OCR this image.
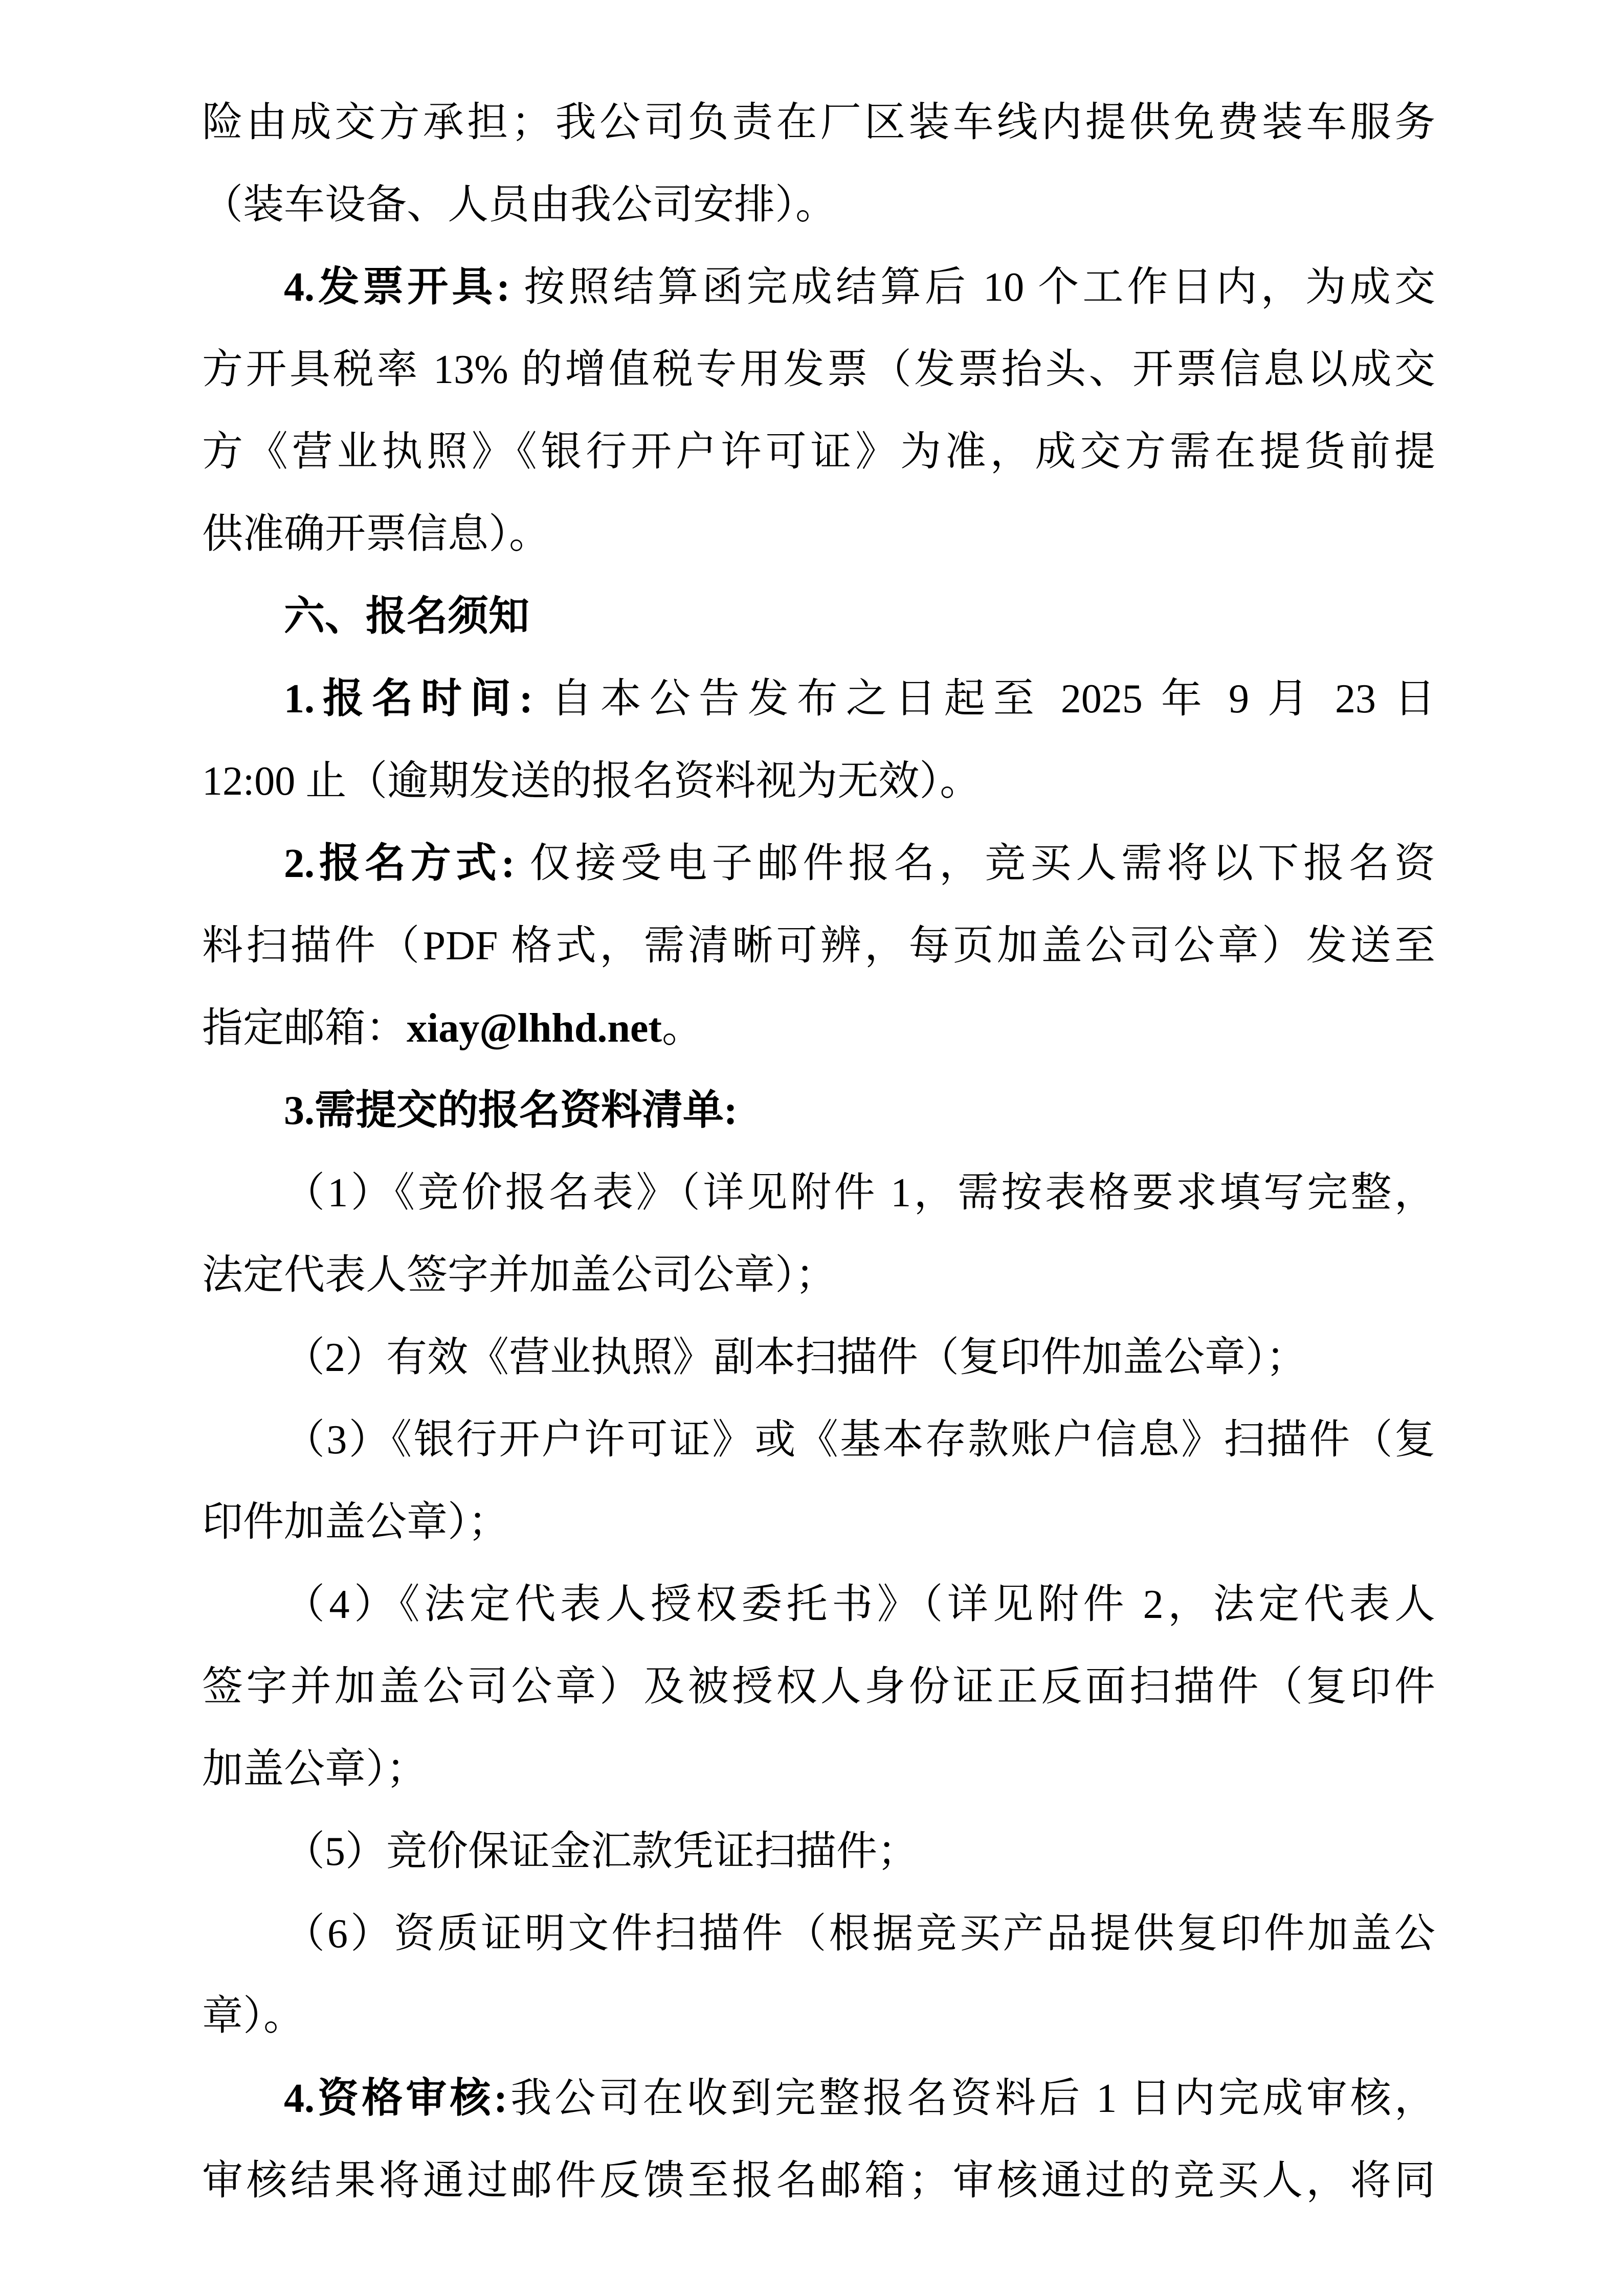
险由成交方承担；我公司负责在厂区装车线内提供免费装车服务
（装车设备、人员由我公司安排）。
4.发票开具: 按照结算函完成结算后 10 个工作日内，为成交
方开具税率 13% 的增值税专用发票（发票抬头、开票信息以成交
方《营业执照》《银行开户许可证》为准，成交方需在提货前提
供准确开票信息）。
六、报名须知
1.报名时间: 自本公告发布之日起至 2025 年 9 月 23 日
12:00 止（逾期发送的报名资料视为无效）。
2.报名方式: 仅接受电子邮件报名，竞买人需将以下报名资
料扫描件（PDF 格式，需清晰可辨，每页加盖公司公章）发送至
指定邮箱：xiay@lhhd.net。
3.需提交的报名资料清单:
（1）《竞价报名表》（详见附件 1，需按表格要求填写完整，
法定代表人签字并加盖公司公章）；
（2）有效《营业执照》副本扫描件（复印件加盖公章）；
（3）《银行开户许可证》或《基本存款账户信息》扫描件（复
印件加盖公章）；
（4）《法定代表人授权委托书》（详见附件 2，法定代表人
签字并加盖公司公章）及被授权人身份证正反面扫描件（复印件
加盖公章）；
（5）竞价保证金汇款凭证扫描件；
（6）资质证明文件扫描件（根据竞买产品提供复印件加盖公
章）。
4.资格审核:我公司在收到完整报名资料后 1 日内完成审核，
审核结果将通过邮件反馈至报名邮箱；审核通过的竞买人，将同
